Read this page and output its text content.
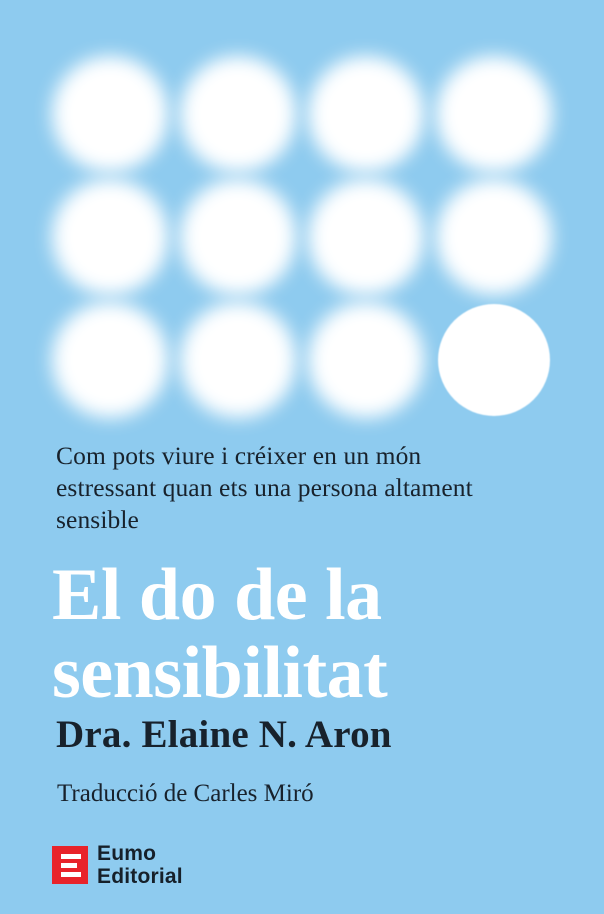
Com pots viure i créixer en un món estressant quan ets una persona altament sensible
El do de la
sensibilitat
Dra. Elaine N. Aron
Traducció de Carles Miró
Eumo
Editorial
